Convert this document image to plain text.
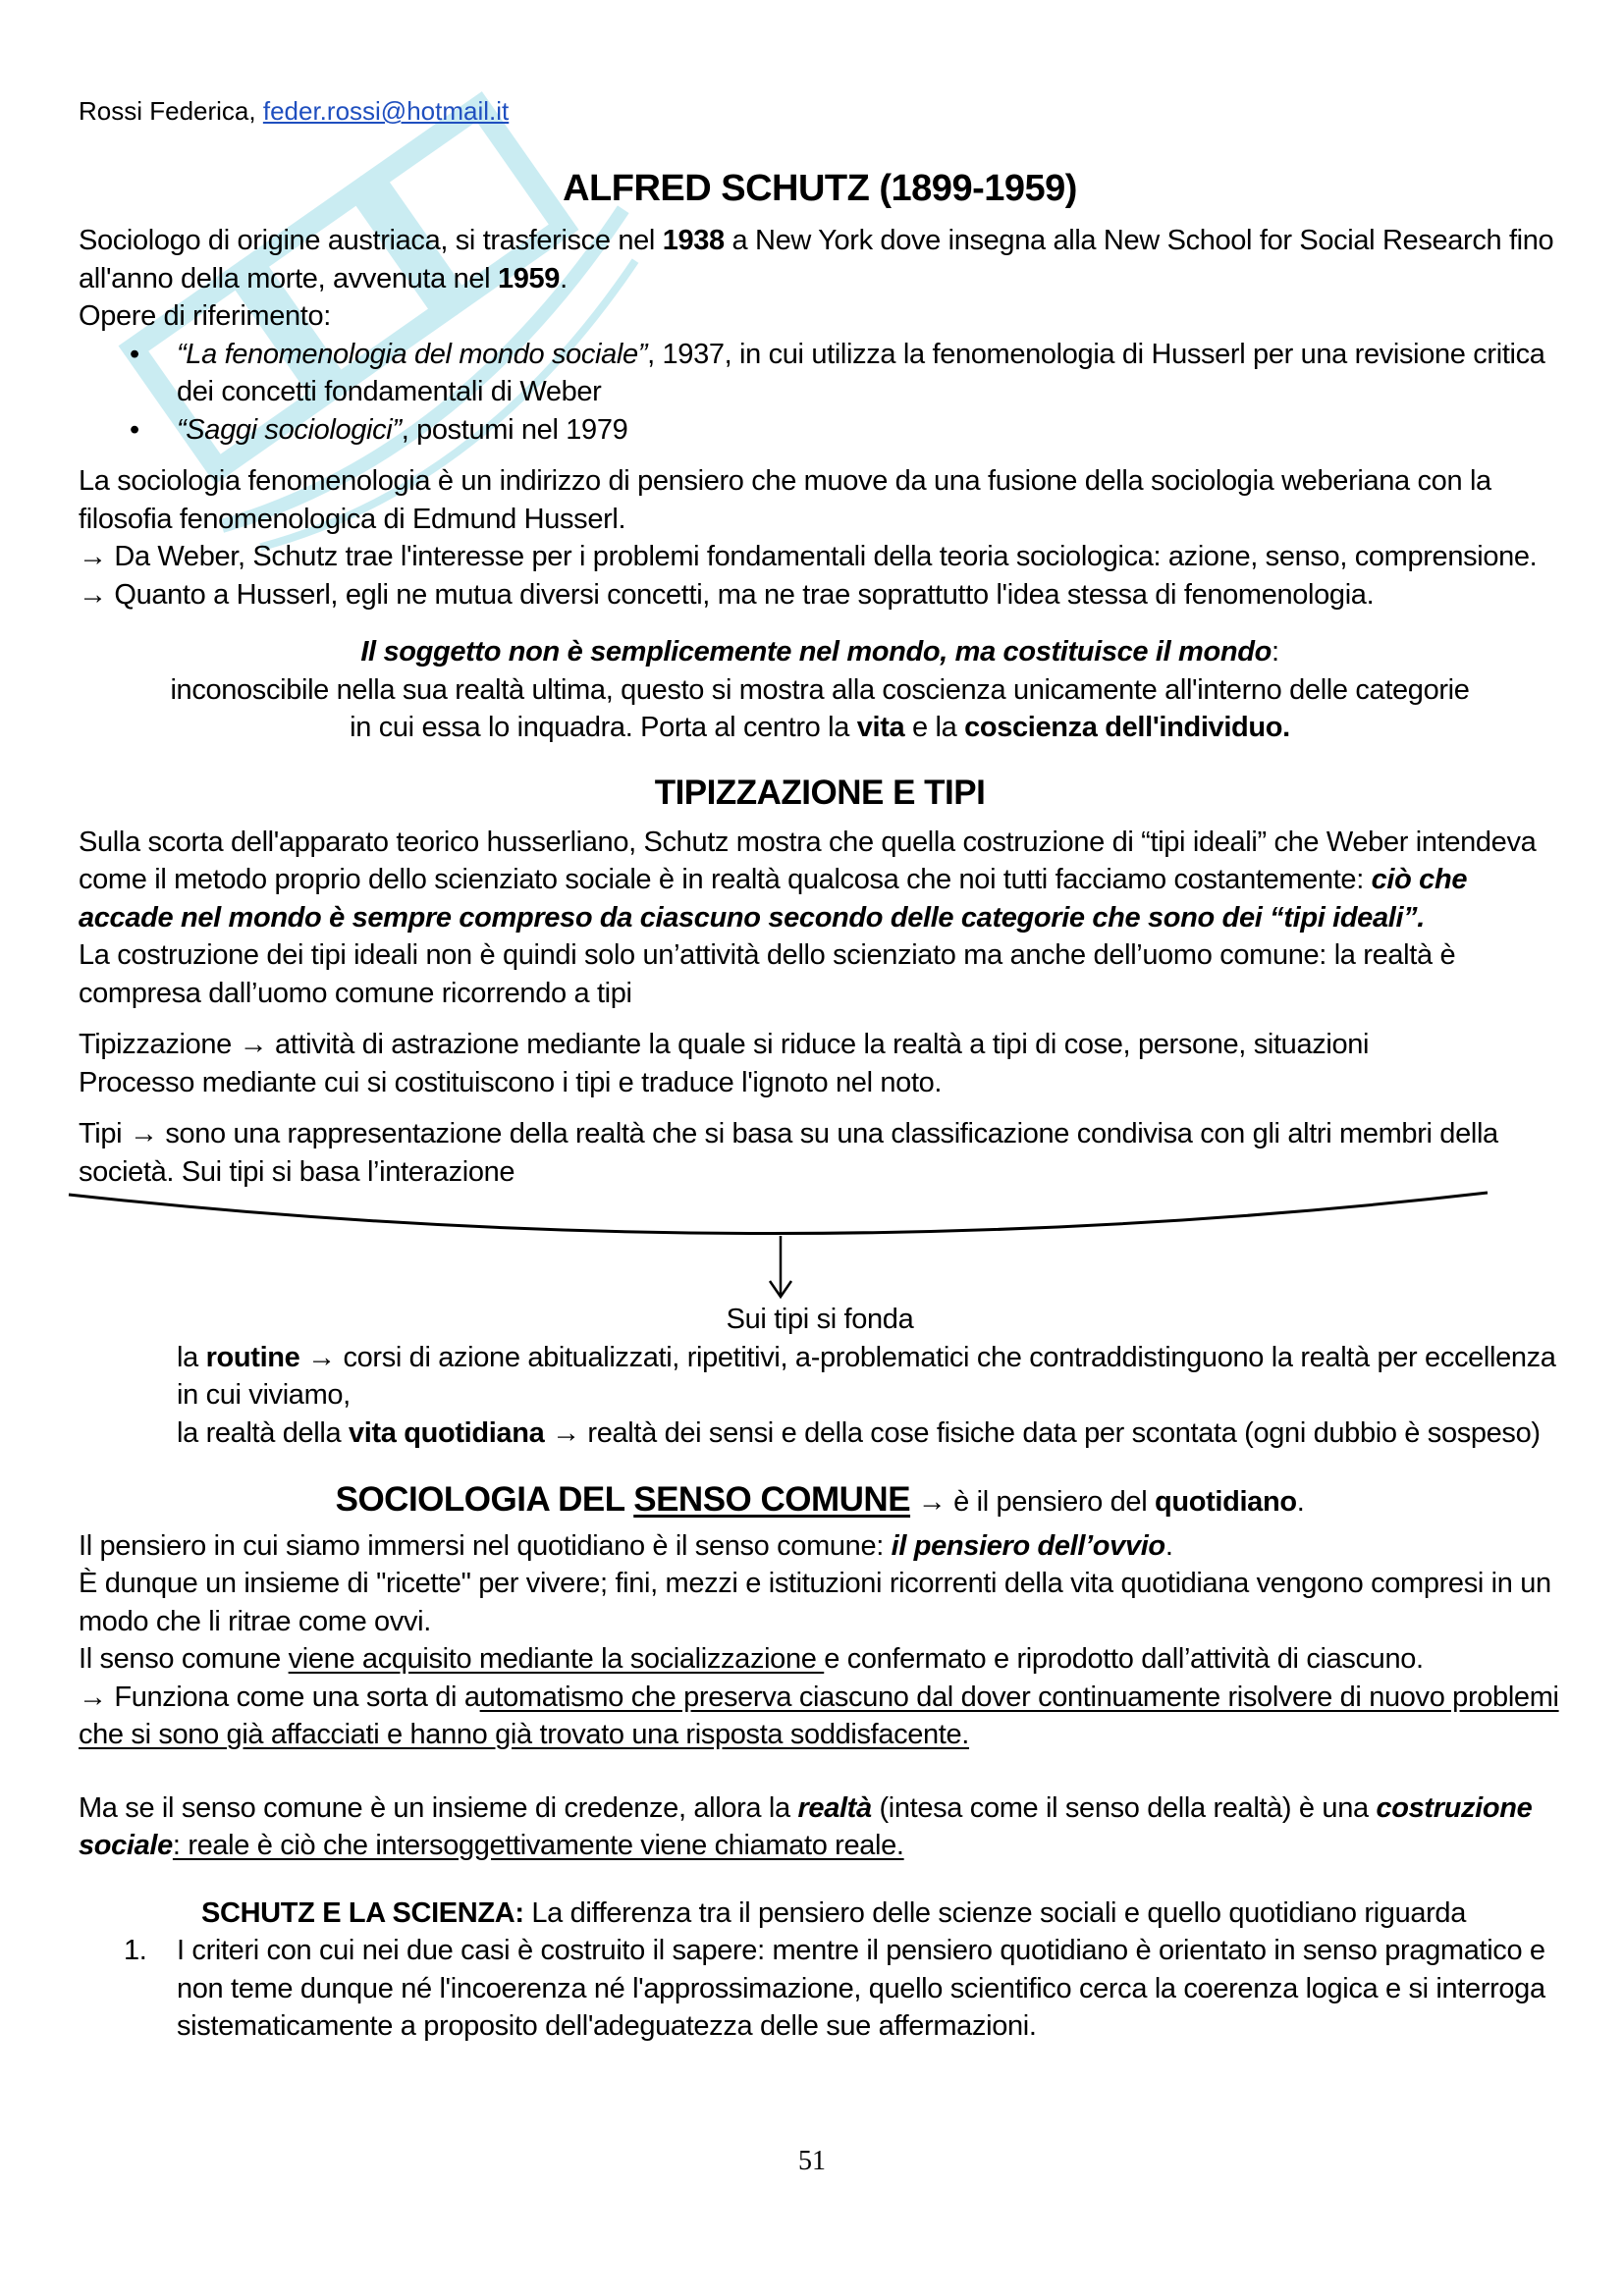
Rossi Federica, feder.rossi@hotmail.it
ALFRED SCHUTZ (1899-1959)

Sociologo di origine austriaca, si trasferisce nel 1938 a New York dove insegna alla New School for Social Research fino all'anno della morte, avvenuta nel 1959.

Opere di riferimento:

• “La fenomenologia del mondo sociale”, 1937, in cui utilizza la fenomenologia di Husserl per una revisione critica dei concetti fondamentali di Weber
• “Saggi sociologici”, postumi nel 1979

La sociologia fenomenologia è un indirizzo di pensiero che muove da una fusione della sociologia weberiana con la filosofia fenomenologica di Edmund Husserl.

→ Da Weber, Schutz trae l'interesse per i problemi fondamentali della teoria sociologica: azione, senso, comprensione.

→ Quanto a Husserl, egli ne mutua diversi concetti, ma ne trae soprattutto l'idea stessa di fenomenologia.

Il soggetto non è semplicemente nel mondo, ma costituisce il mondo:

inconoscibile nella sua realtà ultima, questo si mostra alla coscienza unicamente all'interno delle categorie

in cui essa lo inquadra. Porta al centro la vita e la coscienza dell'individuo.

TIPIZZAZIONE E TIPI

Sulla scorta dell'apparato teorico husserliano, Schutz mostra che quella costruzione di “tipi ideali” che Weber intendeva come il metodo proprio dello scienziato sociale è in realtà qualcosa che noi tutti facciamo costantemente: ciò che accade nel mondo è sempre compreso da ciascuno secondo delle categorie che sono dei “tipi ideali”.

La costruzione dei tipi ideali non è quindi solo un’attività dello scienziato ma anche dell’uomo comune: la realtà è compresa dall’uomo comune ricorrendo a tipi

Tipizzazione → attività di astrazione mediante la quale si riduce la realtà a tipi di cose, persone, situazioni

Processo mediante cui si costituiscono i tipi e traduce l'ignoto nel noto.

Tipi → sono una rappresentazione della realtà che si basa su una classificazione condivisa con gli altri membri della società. Sui tipi si basa l’interazione

Sui tipi si fonda

la routine → corsi di azione abitualizzati, ripetitivi, a-problematici che contraddistinguono la realtà per eccellenza in cui viviamo,
la realtà della vita quotidiana → realtà dei sensi e della cose fisiche data per scontata (ogni dubbio è sospeso)
SOCIOLOGIA DEL SENSO COMUNE → è il pensiero del quotidiano.

Il pensiero in cui siamo immersi nel quotidiano è il senso comune: il pensiero dell’ovvio.

È dunque un insieme di "ricette" per vivere; fini, mezzi e istituzioni ricorrenti della vita quotidiana vengono compresi in un modo che li ritrae come ovvi.

Il senso comune viene acquisito mediante la socializzazione e confermato e riprodotto dall’attività di ciascuno.

→ Funziona come una sorta di automatismo che preserva ciascuno dal dover continuamente risolvere di nuovo problemi che si sono già affacciati e hanno già trovato una risposta soddisfacente.

Ma se il senso comune è un insieme di credenze, allora la realtà (intesa come il senso della realtà) è una costruzione sociale: reale è ciò che intersoggettivamente viene chiamato reale.

SCHUTZ E LA SCIENZA: La differenza tra il pensiero delle scienze sociali e quello quotidiano riguarda

1. I criteri con cui nei due casi è costruito il sapere: mentre il pensiero quotidiano è orientato in senso pragmatico e non teme dunque né l'incoerenza né l'approssimazione, quello scientifico cerca la coerenza logica e si interroga sistematicamente a proposito dell'adeguatezza delle sue affermazioni.
51
